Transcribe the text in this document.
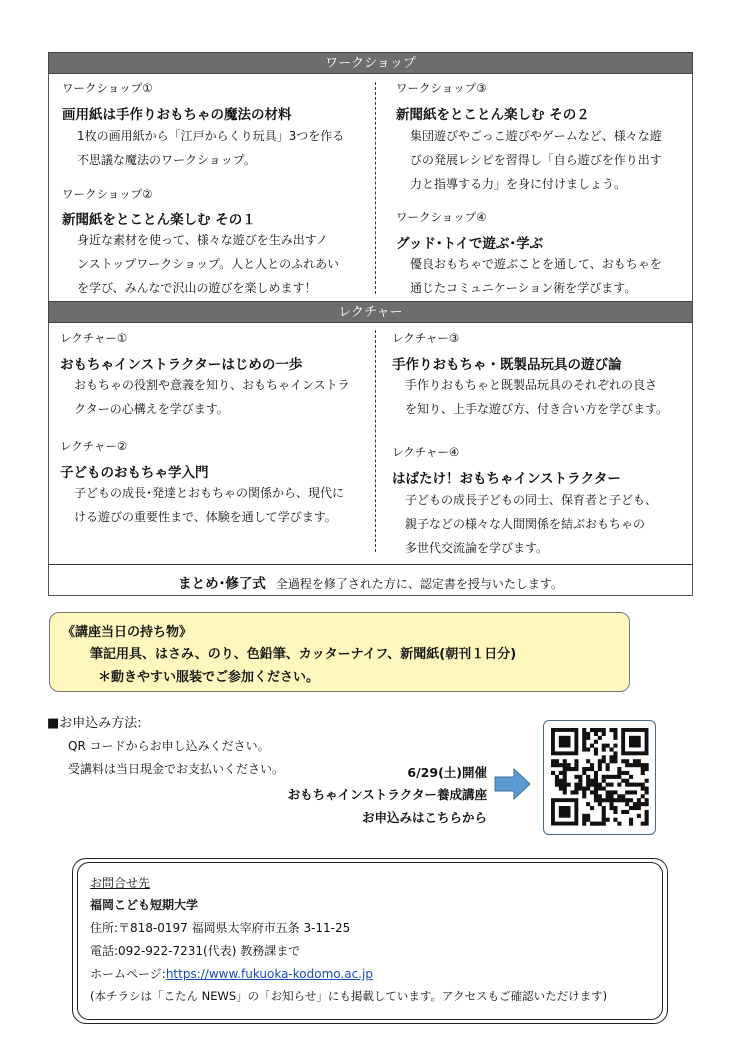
ワークショップ
ワークショップ①
画用紙は手作りおもちゃの魔法の材料
1枚の画用紙から「江戸からくり玩具」3つを作る
不思議な魔法のワークショップ。
ワークショップ②
新聞紙をとことん楽しむ その１
身近な素材を使って、様々な遊びを生み出すノ
ンストップワークショップ。人と人とのふれあい
を学び、みんなで沢山の遊びを楽しめます！
ワークショップ③
新聞紙をとことん楽しむ その２
集団遊びやごっこ遊びやゲームなど、様々な遊
びの発展レシピを習得し「自ら遊びを作り出す
力と指導する力」を身に付けましょう。
ワークショップ④
グッド･トイで遊ぶ･学ぶ
優良おもちゃで遊ぶことを通して、おもちゃを
通じたコミュニケーション術を学びます。
レクチャー
レクチャー①
おもちゃインストラクターはじめの一歩
おもちゃの役割や意義を知り、おもちゃインストラ
クターの心構えを学びます。
レクチャー②
子どものおもちゃ学入門
子どもの成長･発達とおもちゃの関係から、現代に
ける遊びの重要性まで、体験を通して学びます。
レクチャー③
手作りおもちゃ・既製品玩具の遊び論
手作りおもちゃと既製品玩具のそれぞれの良さ
を知り、上手な遊び方、付き合い方を学びます。
レクチャー④
はばたけ！おもちゃインストラクター
子どもの成長子どもの同士、保育者と子ども、
親子などの様々な人間関係を結ぶおもちゃの
多世代交流論を学びます。
まとめ･修了式 全過程を修了された方に、認定書を授与いたします。
《講座当日の持ち物》
筆記用具、はさみ、のり、色鉛筆、カッターナイフ、新聞紙(朝刊１日分)
＊動きやすい服装でご参加ください。
■お申込み方法:
QR コードからお申し込みください。
受講料は当日現金でお支払いください。	6/29(土)開催
おもちゃインストラクター養成講座
お申込みはこちらから
お問合せ先
福岡こども短期大学
住所:〒818-0197 福岡県太宰府市五条 3-11-25
電話:092-922-7231(代表) 教務課まで
ホームページ:https://www.fukuoka-kodomo.ac.jp
(本チラシは「こたん NEWS」の「お知らせ」にも掲載しています。アクセスもご確認いただけます)
